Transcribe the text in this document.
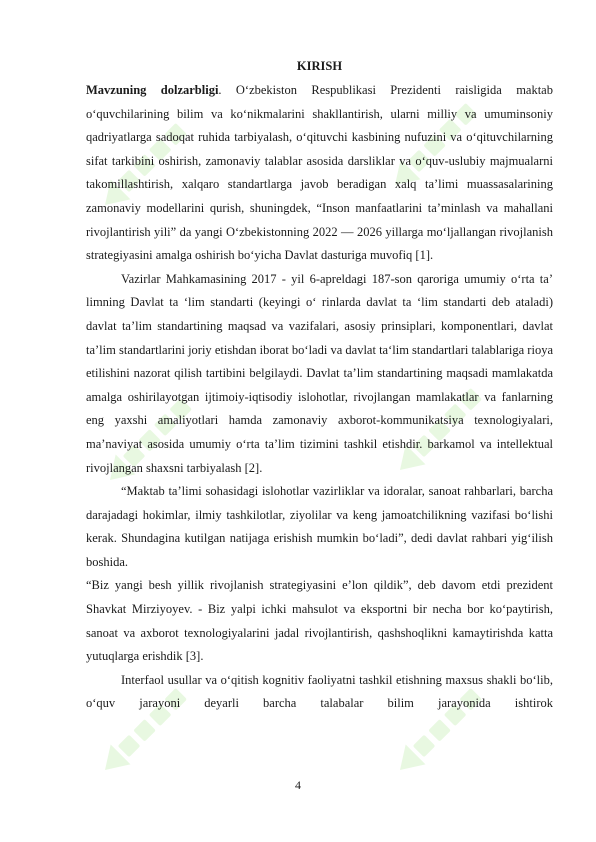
KIRISH

Mavzuning dolzarbligi. O‘zbekiston Respublikasi Prezidenti raisligida maktab o‘quvchilarining bilim va ko‘nikmalarini shakllantirish, ularni milliy va umuminsoniy qadriyatlarga sadoqat ruhida tarbiyalash, o‘qituvchi kasbining nufuzini va o‘qituvchilarning sifat tarkibini oshirish, zamonaviy talablar asosida darsliklar va o‘quv-uslubiy majmualarni takomillashtirish, xalqaro standartlarga javob beradigan xalq ta’limi muassasalarining zamonaviy modellarini qurish, shuningdek, “Inson manfaatlarini ta’minlash va mahallani rivojlantirish yili” da yangi O‘zbekistonning 2022 — 2026 yillarga mo‘ljallangan rivojlanish strategiyasini amalga oshirish bo‘yicha Davlat dasturiga muvofiq [1].

Vazirlar Mahkamasining 2017 - yil 6-apreldagi 187-son qaroriga umumiy o‘rta ta’ limning Davlat ta ‘lim standarti (keyingi o‘ rinlarda davlat ta ‘lim standarti deb ataladi) davlat ta’lim standartining maqsad va vazifalari, asosiy prinsiplari, komponentlari, davlat ta’lim standartlarini joriy etishdan iborat bo‘ladi va davlat ta‘lim standartlari talablariga rioya etilishini nazorat qilish tartibini belgilaydi. Davlat ta’lim standartining maqsadi mamlakatda amalga oshirilayotgan ijtimoiy-iqtisodiy islohotlar, rivojlangan mamlakatlar va fanlarning eng yaxshi amaliyotlari hamda zamonaviy axborot-kommunikatsiya texnologiyalari, ma’naviyat asosida umumiy o‘rta ta’lim tizimini tashkil etishdir. barkamol va intellektual rivojlangan shaxsni tarbiyalash [2].

“Maktab ta’limi sohasidagi islohotlar vazirliklar va idoralar, sanoat rahbarlari, barcha darajadagi hokimlar, ilmiy tashkilotlar, ziyolilar va keng jamoatchilikning vazifasi bo‘lishi kerak. Shundagina kutilgan natijaga erishish mumkin bo‘ladi”, dedi davlat rahbari yig‘ilish boshida.

“Biz yangi besh yillik rivojlanish strategiyasini e’lon qildik”, deb davom etdi prezident Shavkat Mirziyoyev. - Biz yalpi ichki mahsulot va eksportni bir necha bor ko‘paytirish, sanoat va axborot texnologiyalarini jadal rivojlantirish, qashshoqlikni kamaytirishda katta yutuqlarga erishdik [3].

Interfaol usullar va o‘qitish kognitiv faoliyatni tashkil etishning maxsus shakli bo‘lib, o‘quv jarayoni deyarli barcha talabalar bilim jarayonida ishtirok

4
